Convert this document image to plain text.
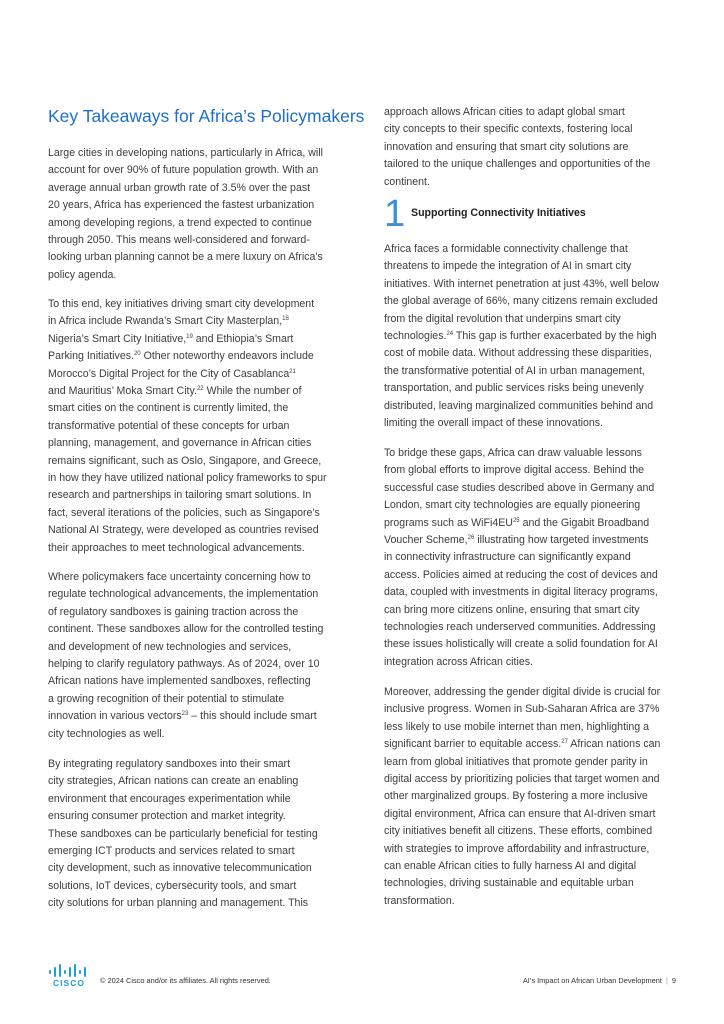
Key Takeaways for Africa’s Policymakers

Large cities in developing nations, particularly in Africa, will
account for over 90% of future population growth. With an
average annual urban growth rate of 3.5% over the past
20 years, Africa has experienced the fastest urbanization
among developing regions, a trend expected to continue
through 2050. This means well-considered and forward-
looking urban planning cannot be a mere luxury on Africa’s
policy agenda.

To this end, key initiatives driving smart city development
in Africa include Rwanda’s Smart City Masterplan,$^{18}$
Nigeria’s Smart City Initiative,$^{19}$ and Ethiopia’s Smart
Parking Initiatives.$^{20}$ Other noteworthy endeavors include
Morocco’s Digital Project for the City of Casablanca$^{21}$
and Mauritius’ Moka Smart City.$^{22}$ While the number of
smart cities on the continent is currently limited, the
transformative potential of these concepts for urban
planning, management, and governance in African cities
remains significant, such as Oslo, Singapore, and Greece,
in how they have utilized national policy frameworks to spur
research and partnerships in tailoring smart solutions. In
fact, several iterations of the policies, such as Singapore’s
National AI Strategy, were developed as countries revised
their approaches to meet technological advancements.

Where policymakers face uncertainty concerning how to
regulate technological advancements, the implementation
of regulatory sandboxes is gaining traction across the
continent. These sandboxes allow for the controlled testing
and development of new technologies and services,
helping to clarify regulatory pathways. As of 2024, over 10
African nations have implemented sandboxes, reflecting
a growing recognition of their potential to stimulate
innovation in various vectors$^{23}$ – this should include smart
city technologies as well.

By integrating regulatory sandboxes into their smart
city strategies, African nations can create an enabling
environment that encourages experimentation while
ensuring consumer protection and market integrity.
These sandboxes can be particularly beneficial for testing
emerging ICT products and services related to smart
city development, such as innovative telecommunication
solutions, IoT devices, cybersecurity tools, and smart
city solutions for urban planning and management. This

approach allows African cities to adapt global smart
city concepts to their specific contexts, fostering local
innovation and ensuring that smart city solutions are
tailored to the unique challenges and opportunities of the
continent.

1 Supporting Connectivity Initiatives

Africa faces a formidable connectivity challenge that
threatens to impede the integration of AI in smart city
initiatives. With internet penetration at just 43%, well below
the global average of 66%, many citizens remain excluded
from the digital revolution that underpins smart city
technologies.$^{24}$ This gap is further exacerbated by the high
cost of mobile data. Without addressing these disparities,
the transformative potential of AI in urban management,
transportation, and public services risks being unevenly
distributed, leaving marginalized communities behind and
limiting the overall impact of these innovations.

To bridge these gaps, Africa can draw valuable lessons
from global efforts to improve digital access. Behind the
successful case studies described above in Germany and
London, smart city technologies are equally pioneering
programs such as WiFi4EU$^{25}$ and the Gigabit Broadband
Voucher Scheme,$^{26}$ illustrating how targeted investments
in connectivity infrastructure can significantly expand
access. Policies aimed at reducing the cost of devices and
data, coupled with investments in digital literacy programs,
can bring more citizens online, ensuring that smart city
technologies reach underserved communities. Addressing
these issues holistically will create a solid foundation for AI
integration across African cities.

Moreover, addressing the gender digital divide is crucial for
inclusive progress. Women in Sub-Saharan Africa are 37%
less likely to use mobile internet than men, highlighting a
significant barrier to equitable access.$^{27}$ African nations can
learn from global initiatives that promote gender parity in
digital access by prioritizing policies that target women and
other marginalized groups. By fostering a more inclusive
digital environment, Africa can ensure that AI-driven smart
city initiatives benefit all citizens. These efforts, combined
with strategies to improve affordability and infrastructure,
can enable African cities to fully harness AI and digital
technologies, driving sustainable and equitable urban
transformation.

CISCO	© 2024 Cisco and/or its affiliates. All rights reserved.	AI’s Impact on African Urban Development | 9
